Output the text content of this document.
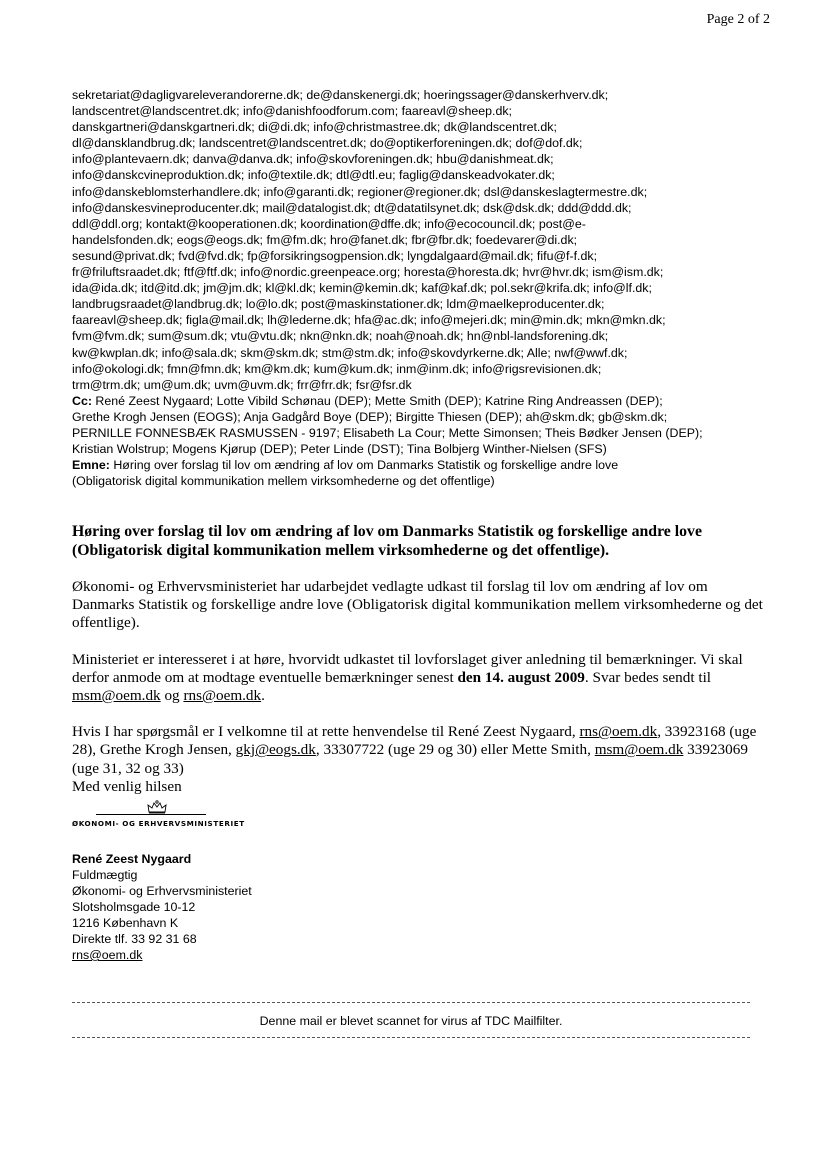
Page 2 of 2
sekretariat@dagligvareleverandorerne.dk; de@danskenergi.dk; hoeringssager@danskerhverv.dk;
landscentret@landscentret.dk; info@danishfoodforum.com; faareavl@sheep.dk;
danskgartneri@danskgartneri.dk; di@di.dk; info@christmastree.dk; dk@landscentret.dk;
dl@dansklandbrug.dk; landscentret@landscentret.dk; do@optikerforeningen.dk; dof@dof.dk;
info@plantevaern.dk; danva@danva.dk; info@skovforeningen.dk; hbu@danishmeat.dk;
info@danskсvineproduktion.dk; info@textile.dk; dtl@dtl.eu; faglig@danskeadvokater.dk;
info@danskeblomsterhandlere.dk; info@garanti.dk; regioner@regioner.dk; dsl@danskeslagtermestre.dk;
info@danskesvineproducenter.dk; mail@datalogist.dk; dt@datatilsynet.dk; dsk@dsk.dk; ddd@ddd.dk;
ddl@ddl.org; kontakt@kooperationen.dk; koordination@dffe.dk; info@ecocouncil.dk; post@e-
handelsfonden.dk; eogs@eogs.dk; fm@fm.dk; hro@fanet.dk; fbr@fbr.dk; foedevarer@di.dk;
sesund@privat.dk; fvd@fvd.dk; fp@forsikringsogpension.dk; lyngdalgaard@mail.dk; fifu@f-f.dk;
fr@friluftsraadet.dk; ftf@ftf.dk; info@nordic.greenpeace.org; horesta@horesta.dk; hvr@hvr.dk; ism@ism.dk;
ida@ida.dk; itd@itd.dk; jm@jm.dk; kl@kl.dk; kemin@kemin.dk; kaf@kaf.dk; pol.sekr@krifa.dk; info@lf.dk;
landbrugsraadet@landbrug.dk; lo@lo.dk; post@maskinstationer.dk; ldm@maelkeproducenter.dk;
faareavl@sheep.dk; figla@mail.dk; lh@lederne.dk; hfa@ac.dk; info@mejeri.dk; min@min.dk; mkn@mkn.dk;
fvm@fvm.dk; sum@sum.dk; vtu@vtu.dk; nkn@nkn.dk; noah@noah.dk; hn@nbl-landsforening.dk;
kw@kwplan.dk; info@sala.dk; skm@skm.dk; stm@stm.dk; info@skovdyrkerne.dk; Alle; nwf@wwf.dk;
info@okologi.dk; fmn@fmn.dk; km@km.dk; kum@kum.dk; inm@inm.dk; info@rigsrevisionen.dk;
trm@trm.dk; um@um.dk; uvm@uvm.dk; frr@frr.dk; fsr@fsr.dk
Cc: René Zeest Nygaard; Lotte Vibild Schønau (DEP); Mette Smith (DEP); Katrine Ring Andreassen (DEP);
Grethe Krogh Jensen (EOGS); Anja Gadgård Boye (DEP); Birgitte Thiesen (DEP); ah@skm.dk; gb@skm.dk;
PERNILLE FONNESBÆK RASMUSSEN - 9197; Elisabeth La Cour; Mette Simonsen; Theis Bødker Jensen (DEP);
Kristian Wolstrup; Mogens Kjørup (DEP); Peter Linde (DST); Tina Bolbjerg Winther-Nielsen (SFS)
Emne: Høring over forslag til lov om ændring af lov om Danmarks Statistik og forskellige andre love
(Obligatorisk digital kommunikation mellem virksomhederne og det offentlige)

Høring over forslag til lov om ændring af lov om Danmarks Statistik og forskellige andre love (Obligatorisk digital kommunikation mellem virksomhederne og det offentlige).

Økonomi- og Erhvervsministeriet har udarbejdet vedlagte udkast til forslag til lov om ændring af lov om Danmarks Statistik og forskellige andre love (Obligatorisk digital kommunikation mellem virksomhederne og det offentlige).

Ministeriet er interesseret i at høre, hvorvidt udkastet til lovforslaget giver anledning til bemærkninger. Vi skal derfor anmode om at modtage eventuelle bemærkninger senest den 14. august 2009. Svar bedes sendt til msm@oem.dk og rns@oem.dk.

Hvis I har spørgsmål er I velkomne til at rette henvendelse til René Zeest Nygaard, rns@oem.dk, 33923168 (uge 28), Grethe Krogh Jensen, gkj@eogs.dk, 33307722 (uge 29 og 30) eller Mette Smith, msm@oem.dk 33923069 (uge 31, 32 og 33)

Med venlig hilsen

ØKONOMI- OG ERHVERVSMINISTERIET
René Zeest Nygaard
Fuldmægtig
Økonomi- og Erhvervsministeriet
Slotsholmsgade 10-12
1216 København K
Direkte tlf. 33 92 31 68
rns@oem.dk
Denne mail er blevet scannet for virus af TDC Mailfilter.
